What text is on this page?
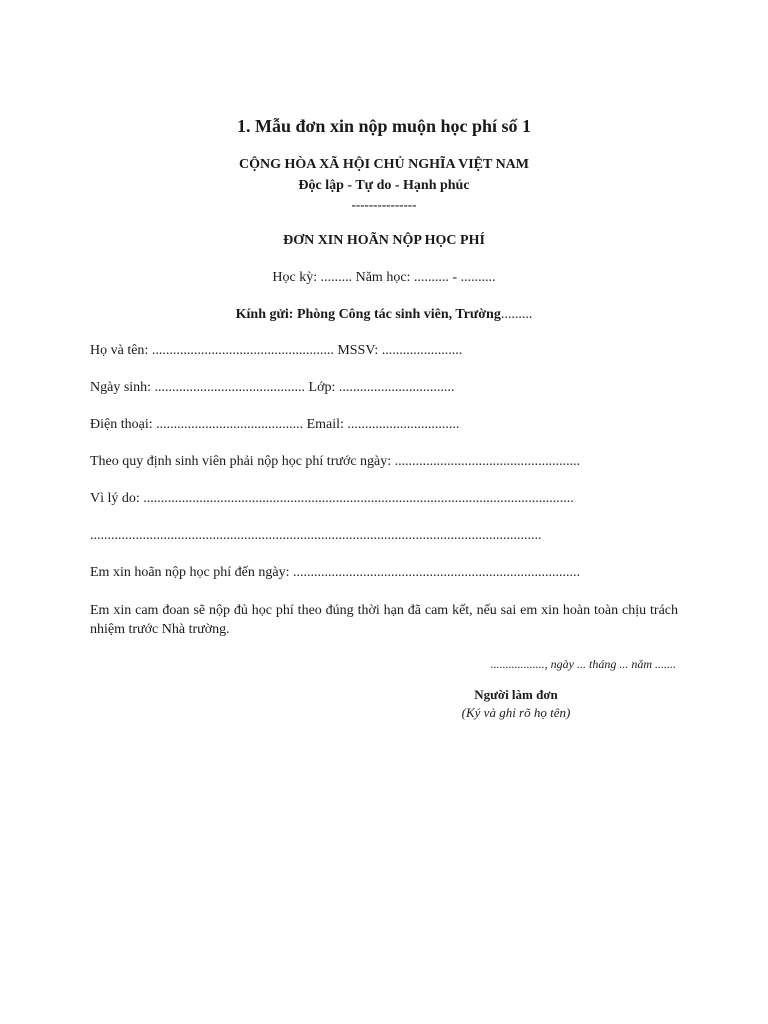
1. Mẫu đơn xin nộp muộn học phí số 1
CỘNG HÒA XÃ HỘI CHỦ NGHĨA VIỆT NAM
Độc lập - Tự do - Hạnh phúc
---------------
ĐƠN XIN HOÃN NỘP HỌC PHÍ
Học kỳ: ......... Năm học: .......... - ..........
Kính gửi: Phòng Công tác sinh viên, Trường.........
Họ và tên: .................................................... MSSV: .......................
Ngày sinh: ........................................... Lớp: .................................
Điện thoại: .......................................... Email: ................................
Theo quy định sinh viên phải nộp học phí trước ngày: .....................................................
Vì lý do: ...........................................................................................................................
.................................................................................................................................
Em xin hoãn nộp học phí đến ngày: ..................................................................................
Em xin cam đoan sẽ nộp đủ học phí theo đúng thời hạn đã cam kết, nếu sai em xin hoàn toàn chịu trách nhiệm trước Nhà trường.
.................., ngày ... tháng ... năm .......
Người làm đơn
(Ký và ghi rõ họ tên)
